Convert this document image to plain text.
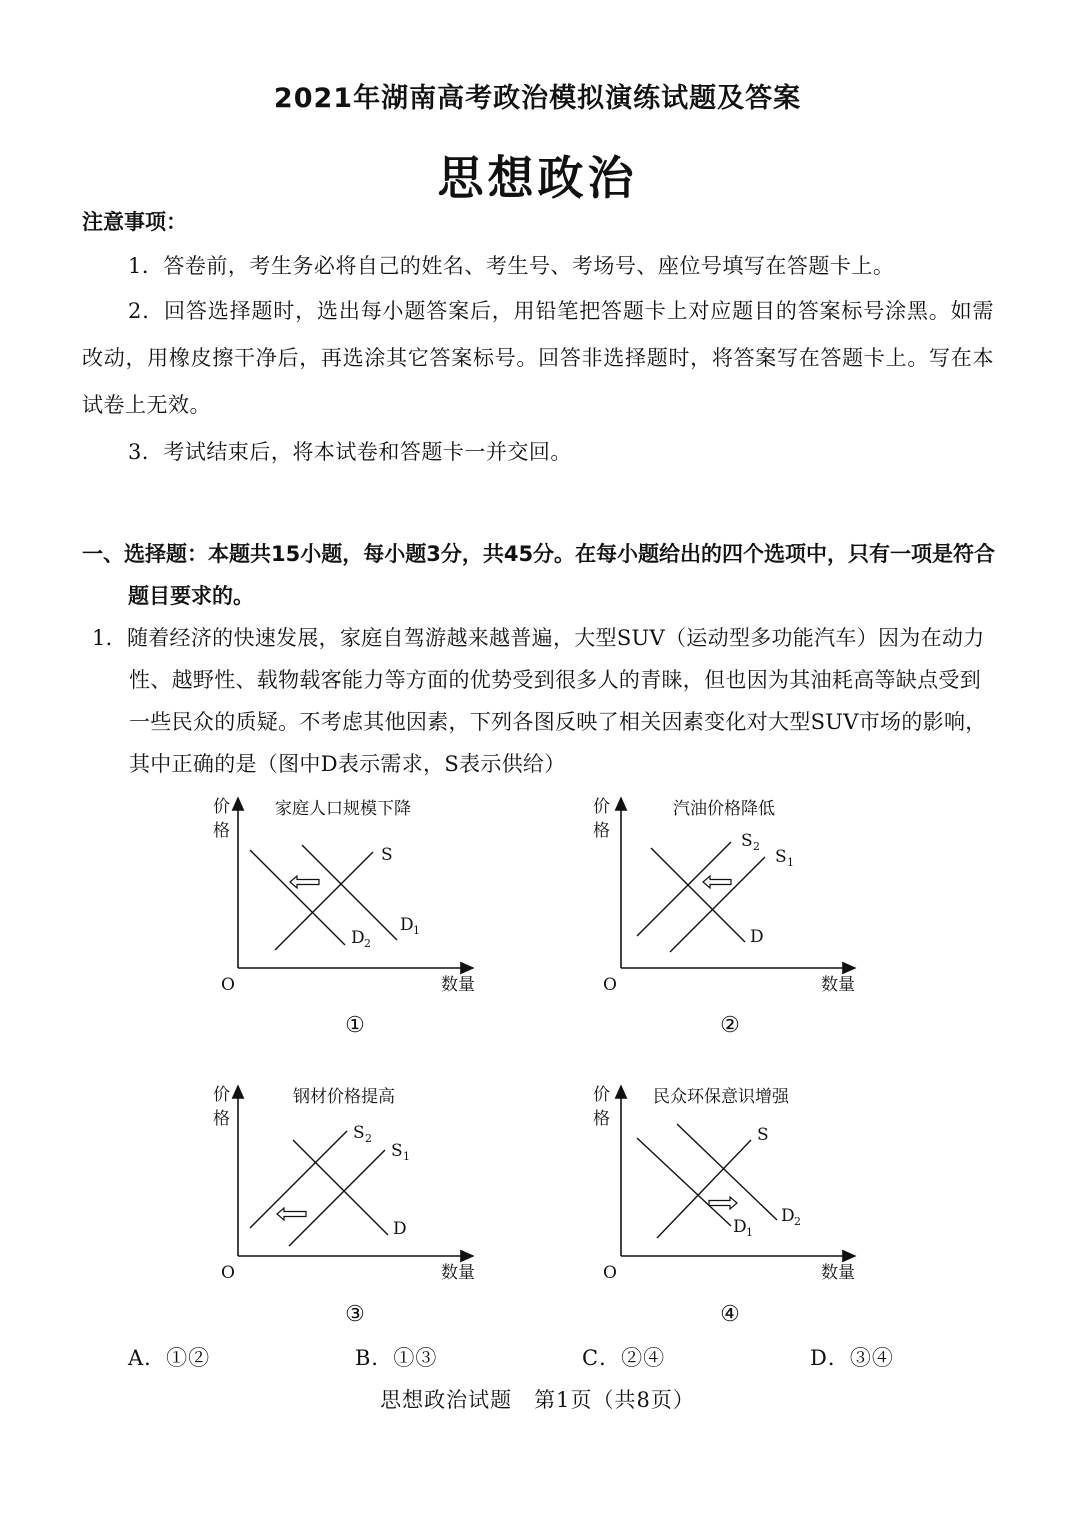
2021年湖南高考政治模拟演练试题及答案
思想政治
注意事项：
1．答卷前，考生务必将自己的姓名、考生号、考场号、座位号填写在答题卡上。
2．回答选择题时，选出每小题答案后，用铅笔把答题卡上对应题目的答案标号涂黑。如需改动，用橡皮擦干净后，再选涂其它答案标号。回答非选择题时，将答案写在答题卡上。写在本试卷上无效。
3．考试结束后，将本试卷和答题卡一并交回。
一、选择题：本题共15小题，每小题3分，共45分。在每小题给出的四个选项中，只有一项是符合题目要求的。
1．随着经济的快速发展，家庭自驾游越来越普遍，大型SUV（运动型多功能汽车）因为在动力性、越野性、载物载客能力等方面的优势受到很多人的青睐，但也因为其油耗高等缺点受到一些民众的质疑。不考虑其他因素，下列各图反映了相关因素变化对大型SUV市场的影响，其中正确的是（图中D表示需求，S表示供给）
价
格
家庭人口规模下降
O	数量
S
D 1
D 2
①
价
格
汽油价格降低
O	数量
S 2
S 1
D
②
价
格
钢材价格提高
O	数量
S 2
S 1
D
③
价
格
民众环保意识增强
O	数量
S
D 2
D 1
④
A．①②	B．①③	C．②④	D．③④
思想政治试题　第1页（共8页）
